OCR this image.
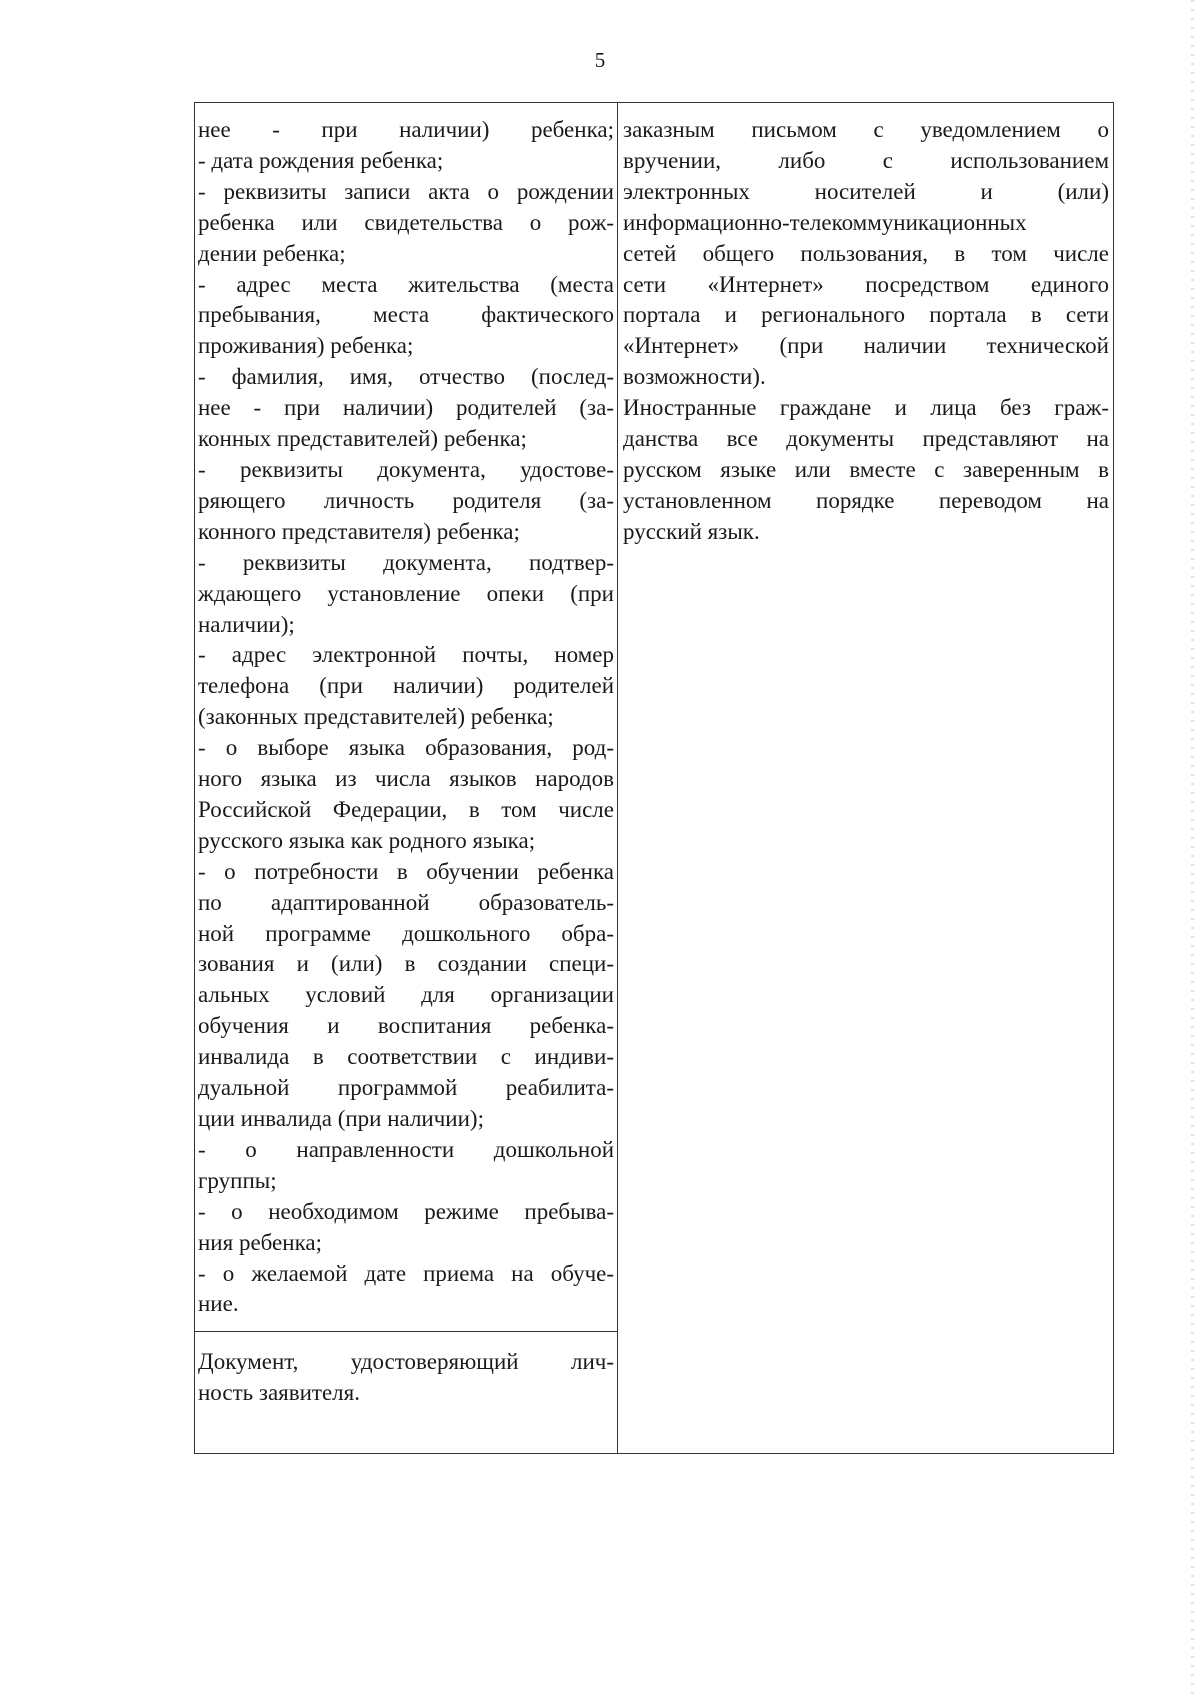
5
нее - при наличии) ребенка;
- дата рождения ребенка;
- реквизиты записи акта о рождении
ребенка или свидетельства о рож-
дении ребенка;
- адрес места жительства (места
пребывания, места фактического
проживания) ребенка;
- фамилия, имя, отчество (послед-
нее - при наличии) родителей (за-
конных представителей) ребенка;
- реквизиты документа, удостове-
ряющего личность родителя (за-
конного представителя) ребенка;
- реквизиты документа, подтвер-
ждающего установление опеки (при
наличии);
- адрес электронной почты, номер
телефона (при наличии) родителей
(законных представителей) ребенка;
- о выборе языка образования, род-
ного языка из числа языков народов
Российской Федерации, в том числе
русского языка как родного языка;
- о потребности в обучении ребенка
по адаптированной образователь-
ной программе дошкольного обра-
зования и (или) в создании специ-
альных условий для организации
обучения и воспитания ребенка-
инвалида в соответствии с индиви-
дуальной программой реабилита-
ции инвалида (при наличии);
- о направленности дошкольной
группы;
- о необходимом режиме пребыва-
ния ребенка;
- о желаемой дате приема на обуче-
ние.
Документ, удостоверяющий лич-
ность заявителя.
заказным письмом с уведомлением о
вручении, либо с использованием
электронных носителей и (или)
информационно-телекоммуникационных
сетей общего пользования, в том числе
сети «Интернет» посредством единого
портала и регионального портала в сети
«Интернет» (при наличии технической
возможности).
Иностранные граждане и лица без граж-
данства все документы представляют на
русском языке или вместе с заверенным в
установленном порядке переводом на
русский язык.
